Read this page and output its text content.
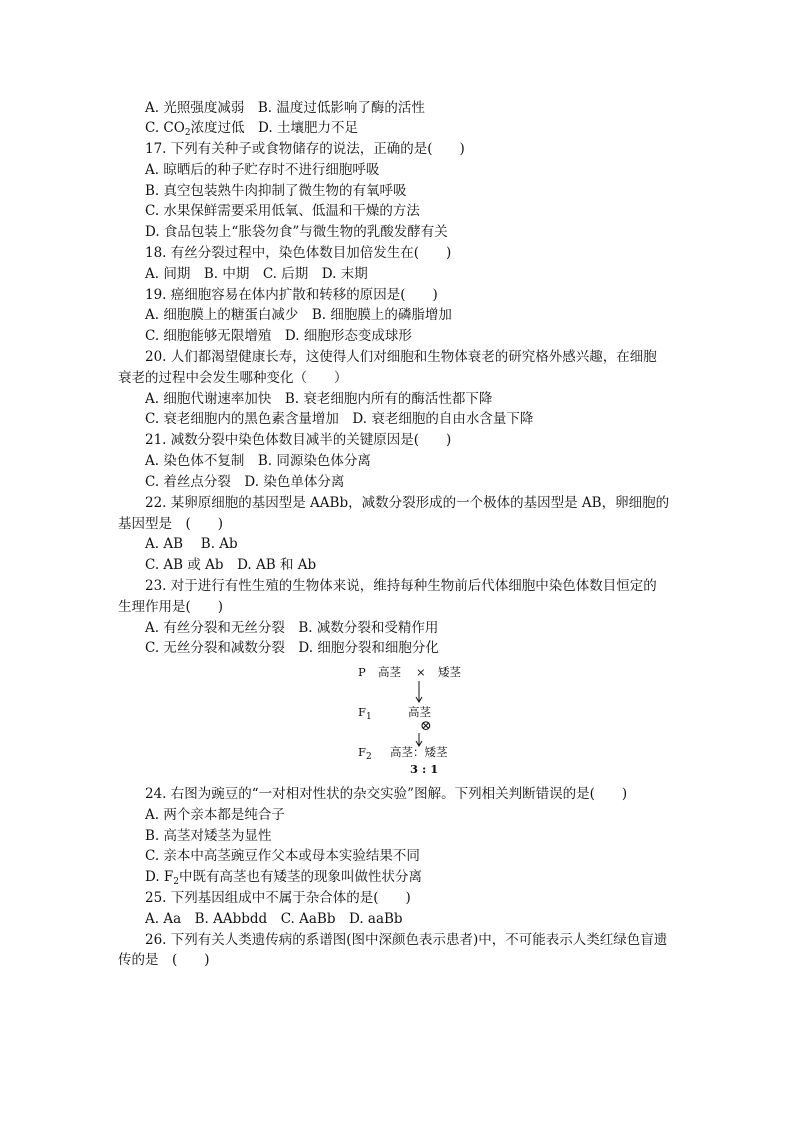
A. 光照强度减弱　B. 温度过低影响了酶的活性
C. $CO_2$浓度过低　D. 土壤肥力不足
17. 下列有关种子或食物储存的说法，正确的是(　　)
A. 晾晒后的种子贮存时不进行细胞呼吸
B. 真空包装熟牛肉抑制了微生物的有氧呼吸
C. 水果保鲜需要采用低氧、低温和干燥的方法
D. 食品包装上“胀袋勿食”与微生物的乳酸发酵有关
18. 有丝分裂过程中，染色体数目加倍发生在(　　)
A. 间期　B. 中期　C. 后期　D. 末期
19. 癌细胞容易在体内扩散和转移的原因是(　　)
A. 细胞膜上的糖蛋白减少　B. 细胞膜上的磷脂增加
C. 细胞能够无限增殖　D. 细胞形态变成球形
20. 人们都渴望健康长寿，这使得人们对细胞和生物体衰老的研究格外感兴趣，在细胞
衰老的过程中会发生哪种变化（　　）
A. 细胞代谢速率加快　B. 衰老细胞内所有的酶活性都下降
C. 衰老细胞内的黑色素含量增加　D. 衰老细胞的自由水含量下降
21. 减数分裂中染色体数目减半的关键原因是(　　)
A. 染色体不复制　B. 同源染色体分离
C. 着丝点分裂　D. 染色单体分离
22. 某卵原细胞的基因型是 AABb，减数分裂形成的一个极体的基因型是 AB，卵细胞的
基因型是　(　　)
A. AB　 B. Ab
C. AB 或 Ab　D. AB 和 Ab
23. 对于进行有性生殖的生物体来说，维持每种生物前后代体细胞中染色体数目恒定的
生理作用是(　　)
A. 有丝分裂和无丝分裂　B. 减数分裂和受精作用
C. 无丝分裂和减数分裂　D. 细胞分裂和细胞分化
P 高茎 × 矮茎
$F_1$	高茎
⊗
$F_2$ 高茎：矮茎
3 : 1
24. 右图为豌豆的“一对相对性状的杂交实验”图解。下列相关判断错误的是(　　)
A. 两个亲本都是纯合子
B. 高茎对矮茎为显性
C. 亲本中高茎豌豆作父本或母本实验结果不同
D. $F_2$中既有高茎也有矮茎的现象叫做性状分离
25. 下列基因组成中不属于杂合体的是(　　)
A. Aa　B. AAbbdd　C. AaBb　D. aaBb
26. 下列有关人类遗传病的系谱图(图中深颜色表示患者)中，不可能表示人类红绿色盲遗
传的是　(　　)
